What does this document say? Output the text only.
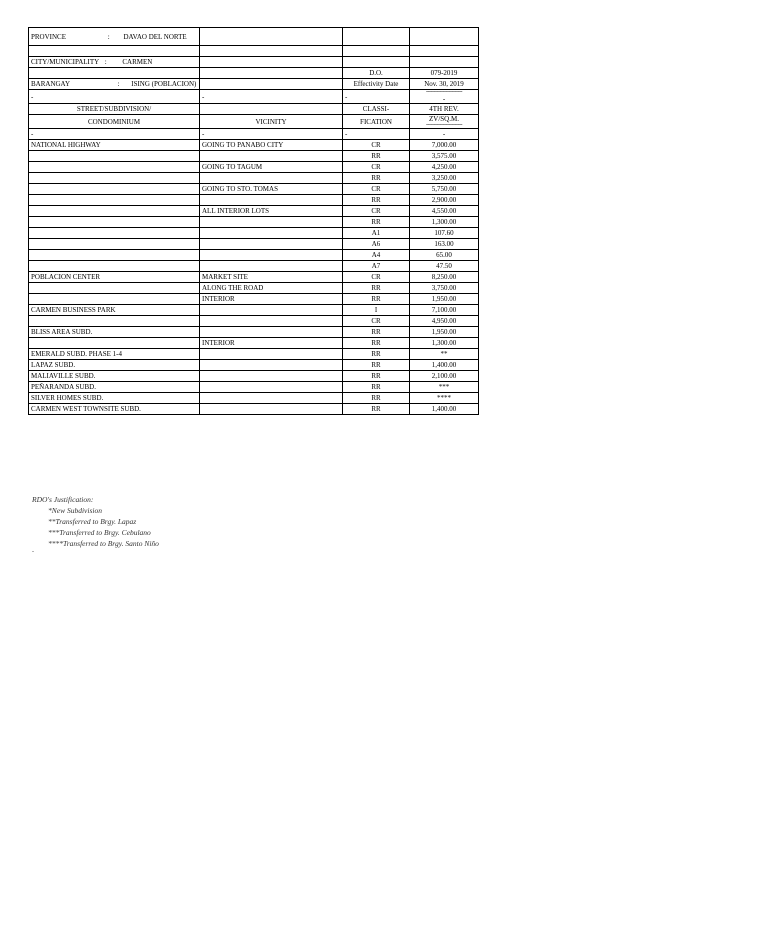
PROVINCE : DAVAO DEL NORTE			

CITY/MUNICIPALITY : CARMEN			
		D.O.	079-2019
BARANGAY : ISING (POBLACION)		Effectivity Date	Nov. 30, 2019
-	-	-	------------------------
-
STREET/SUBDIVISION/		CLASSI-	4TH REV.
CONDOMINIUM	VICINITY	FICATION	ZV/SQ.M.
------------------------

-	-	-	-
NATIONAL HIGHWAY	GOING TO PANABO CITY	CR	7,000.00
		RR	3,575.00
	GOING TO TAGUM	CR	4,250.00
		RR	3,250.00
	GOING TO STO. TOMAS	CR	5,750.00
		RR	2,900.00
	ALL INTERIOR LOTS	CR	4,550.00
		RR	1,300.00
		A1	107.60
		A6	163.00
		A4	65.00
		A7	47.50
POBLACION CENTER	MARKET SITE	CR	8,250.00
	ALONG THE ROAD	RR	3,750.00
	INTERIOR	RR	1,950.00
CARMEN BUSINESS PARK		I	7,100.00
		CR	4,950.00
BLISS AREA SUBD.		RR	1,950.00
	INTERIOR	RR	1,300.00
EMERALD SUBD. PHASE 1-4		RR	**
LAPAZ SUBD.		RR	1,400.00
MALIAVILLE SUBD.		RR	2,100.00
PEÑARANDA SUBD.		RR	***
SILVER HOMES SUBD.		RR	****
CARMEN WEST TOWNSITE SUBD.		RR	1,400.00
RDO's Justification:
*New Subdivision
**Transferred to Brgy. Lapaz
***Transferred to Brgy. Cebulano
****Transferred to Brgy. Santo Niño
-
